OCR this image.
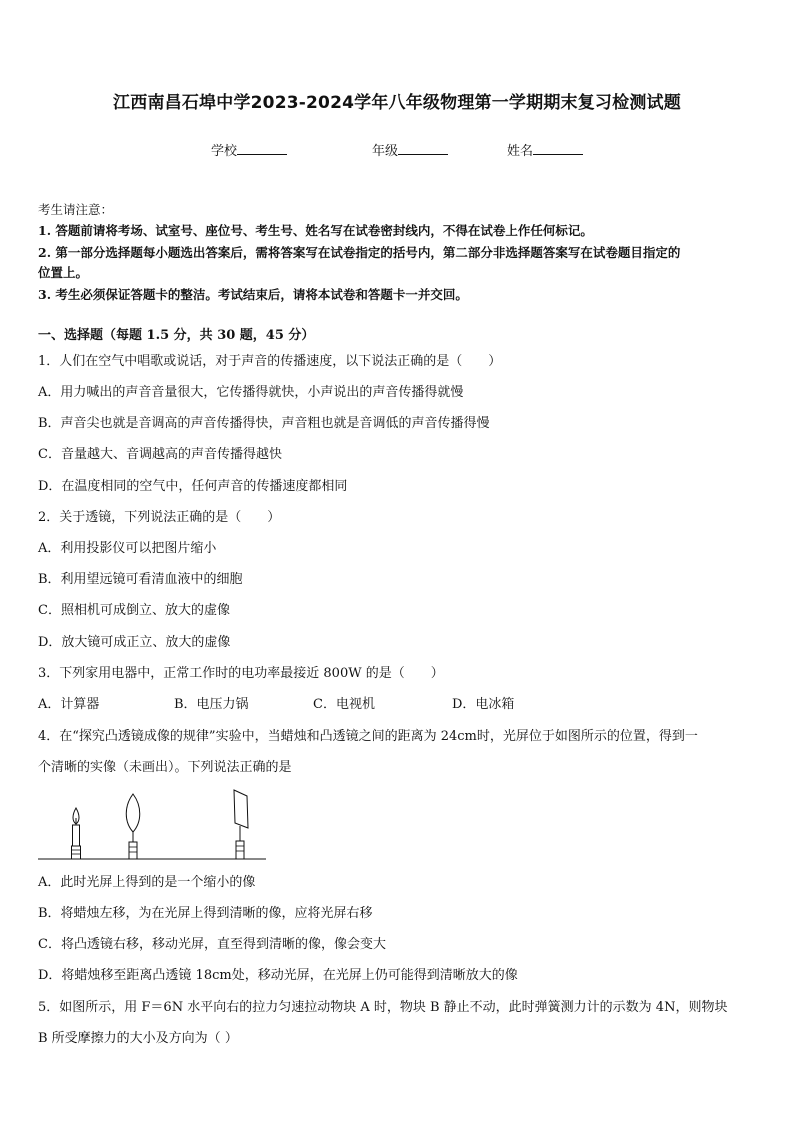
江西南昌石埠中学2023-2024学年八年级物理第一学期期末复习检测试题
学校	年级	姓名
考生请注意：
1. 答题前请将考场、试室号、座位号、考生号、姓名写在试卷密封线内，不得在试卷上作任何标记。
2. 第一部分选择题每小题选出答案后，需将答案写在试卷指定的括号内，第二部分非选择题答案写在试卷题目指定的
位置上。
3. 考生必须保证答题卡的整洁。考试结束后，请将本试卷和答题卡一并交回。
一、选择题（每题 1.5 分，共 30 题，45 分）
1．人们在空气中唱歌或说话，对于声音的传播速度，以下说法正确的是（　　）
A．用力喊出的声音音量很大，它传播得就快，小声说出的声音传播得就慢
B．声音尖也就是音调高的声音传播得快，声音粗也就是音调低的声音传播得慢
C．音量越大、音调越高的声音传播得越快
D．在温度相同的空气中，任何声音的传播速度都相同
2．关于透镜，下列说法正确的是（　　）
A．利用投影仪可以把图片缩小
B．利用望远镜可看清血液中的细胞
C．照相机可成倒立、放大的虚像
D．放大镜可成正立、放大的虚像
3．下列家用电器中，正常工作时的电功率最接近 800W 的是（　　）
A．计算器	B．电压力锅	C．电视机	D．电冰箱
4．在“探究凸透镜成像的规律”实验中，当蜡烛和凸透镜之间的距离为 24cm时，光屏位于如图所示的位置，得到一
个清晰的实像（未画出）。下列说法正确的是
A．此时光屏上得到的是一个缩小的像
B．将蜡烛左移，为在光屏上得到清晰的像，应将光屏右移
C．将凸透镜右移，移动光屏，直至得到清晰的像，像会变大
D．将蜡烛移至距离凸透镜 18cm处，移动光屏，在光屏上仍可能得到清晰放大的像
5．如图所示，用 F＝6N 水平向右的拉力匀速拉动物块 A 时，物块 B 静止不动，此时弹簧测力计的示数为 4N，则物块
B 所受摩擦力的大小及方向为（ ）
